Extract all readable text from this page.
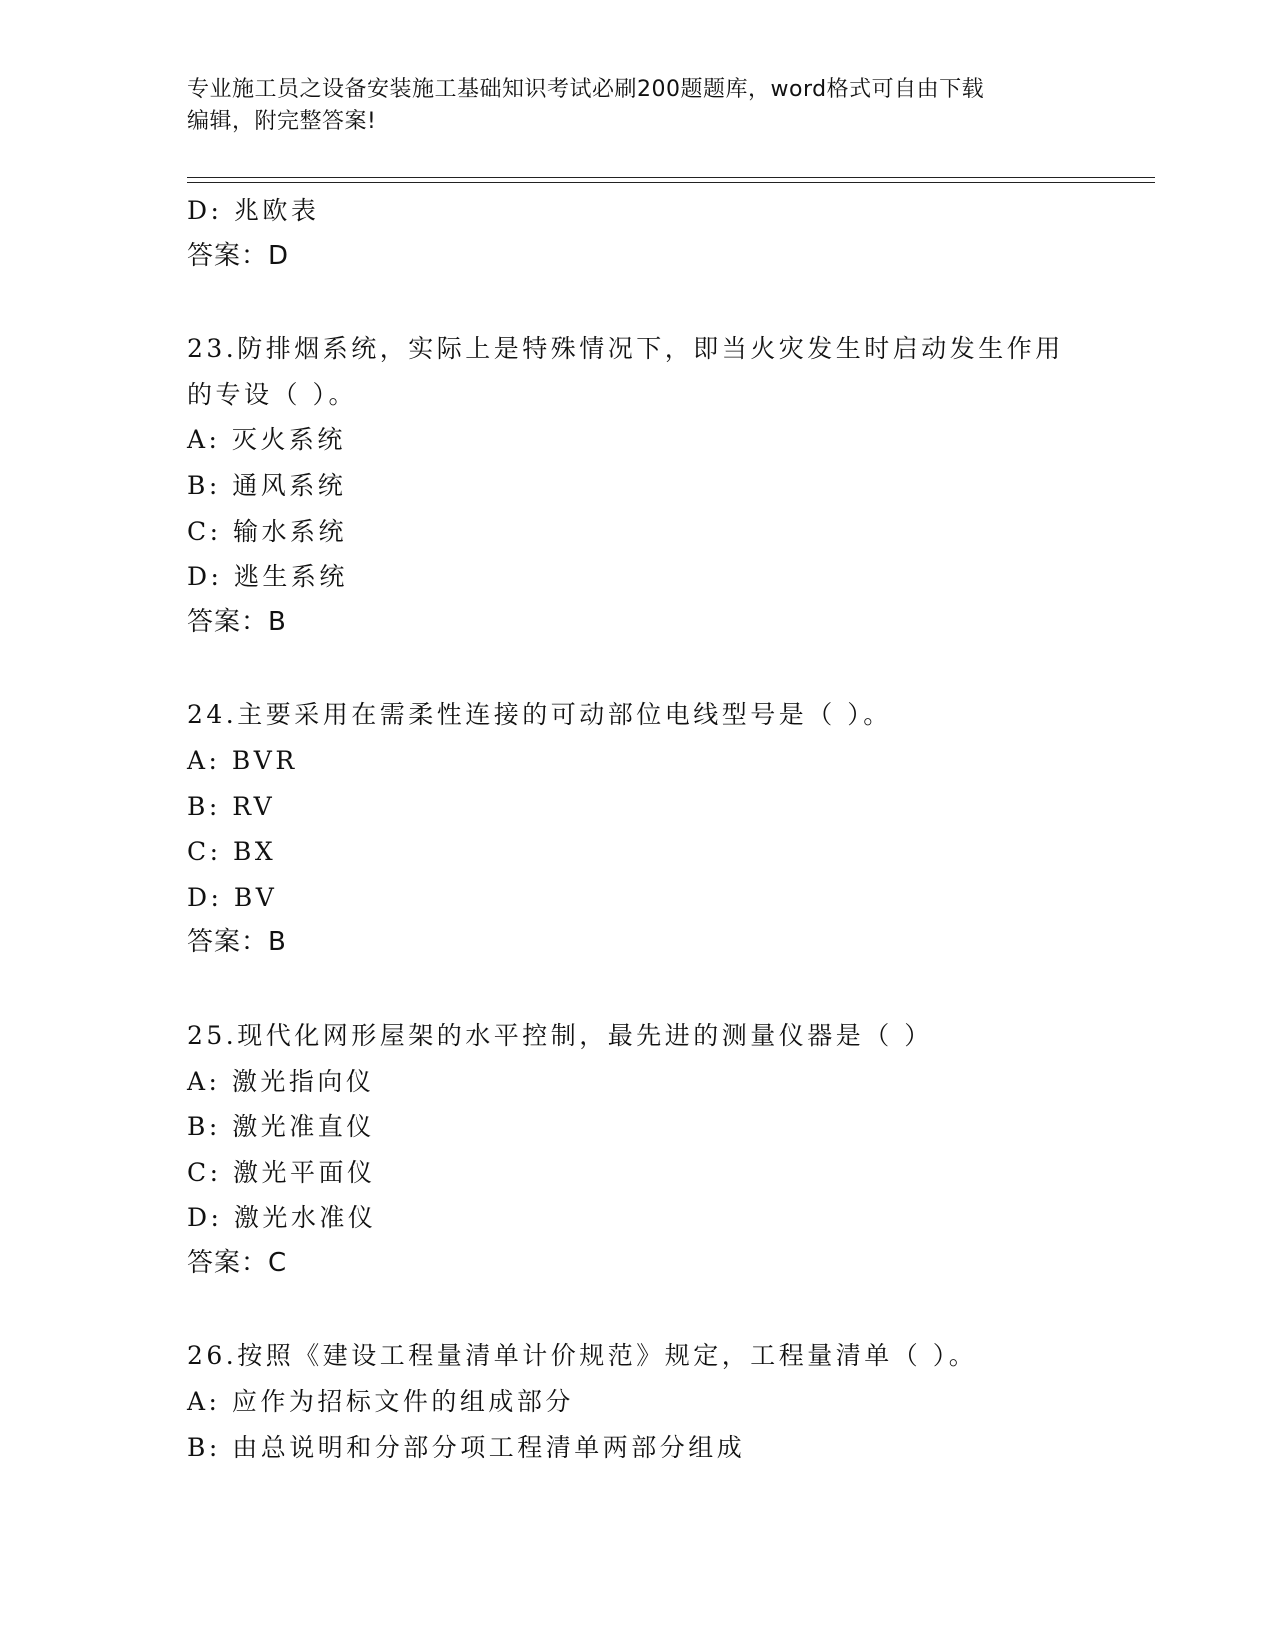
专业施工员之设备安装施工基础知识考试必刷200题题库，word格式可自由下载
编辑，附完整答案!
D: 兆欧表
答案：D
23.防排烟系统，实际上是特殊情况下，即当火灾发生时启动发生作用
的专设（ ）。
A: 灭火系统
B: 通风系统
C: 输水系统
D: 逃生系统
答案：B
24.主要采用在需柔性连接的可动部位电线型号是（ ）。
A: BVR
B: RV
C: BX
D: BV
答案：B
25.现代化网形屋架的水平控制，最先进的测量仪器是（ ）
A: 激光指向仪
B: 激光准直仪
C: 激光平面仪
D: 激光水准仪
答案：C
26.按照《建设工程量清单计价规范》规定，工程量清单（ ）。
A: 应作为招标文件的组成部分
B: 由总说明和分部分项工程清单两部分组成
